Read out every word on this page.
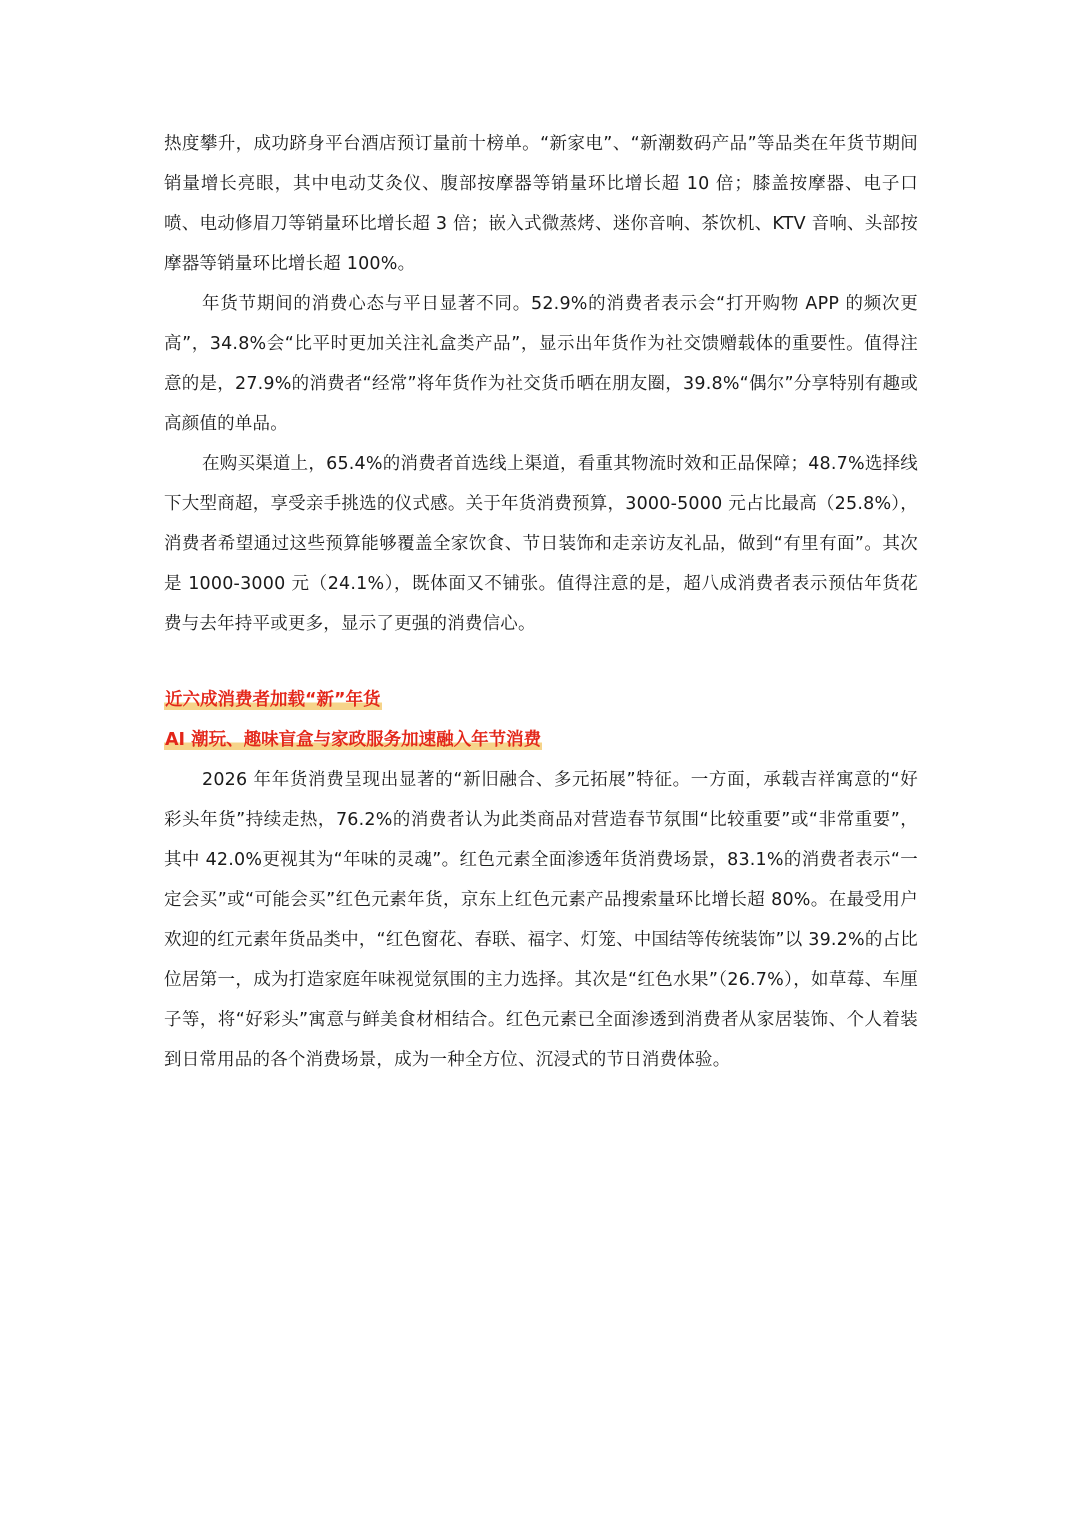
热度攀升，成功跻身平台酒店预订量前十榜单。“新家电”、“新潮数码产品”等品类在年货节期间销量增长亮眼，其中电动艾灸仪、腹部按摩器等销量环比增长超 10 倍；膝盖按摩器、电子口喷、电动修眉刀等销量环比增长超 3 倍；嵌入式微蒸烤、迷你音响、茶饮机、KTV 音响、头部按摩器等销量环比增长超 100%。

年货节期间的消费心态与平日显著不同。52.9%的消费者表示会“打开购物 APP 的频次更高”，34.8%会“比平时更加关注礼盒类产品”，显示出年货作为社交馈赠载体的重要性。值得注意的是，27.9%的消费者“经常”将年货作为社交货币晒在朋友圈，39.8%“偶尔”分享特别有趣或高颜值的单品。

在购买渠道上，65.4%的消费者首选线上渠道，看重其物流时效和正品保障；48.7%选择线下大型商超，享受亲手挑选的仪式感。关于年货消费预算，3000-5000 元占比最高（25.8%），消费者希望通过这些预算能够覆盖全家饮食、节日装饰和走亲访友礼品，做到“有里有面”。其次是 1000-3000 元（24.1%），既体面又不铺张。值得注意的是，超八成消费者表示预估年货花费与去年持平或更多，显示了更强的消费信心。

近六成消费者加载“新”年货

AI 潮玩、趣味盲盒与家政服务加速融入年节消费

2026 年年货消费呈现出显著的“新旧融合、多元拓展”特征。一方面，承载吉祥寓意的“好彩头年货”持续走热，76.2%的消费者认为此类商品对营造春节氛围“比较重要”或“非常重要”，其中 42.0%更视其为“年味的灵魂”。红色元素全面渗透年货消费场景，83.1%的消费者表示“一定会买”或“可能会买”红色元素年货，京东上红色元素产品搜索量环比增长超 80%。在最受用户欢迎的红元素年货品类中，“红色窗花、春联、福字、灯笼、中国结等传统装饰”以 39.2%的占比位居第一，成为打造家庭年味视觉氛围的主力选择。其次是“红色水果”（26.7%），如草莓、车厘子等，将“好彩头”寓意与鲜美食材相结合。红色元素已全面渗透到消费者从家居装饰、个人着装到日常用品的各个消费场景，成为一种全方位、沉浸式的节日消费体验。
